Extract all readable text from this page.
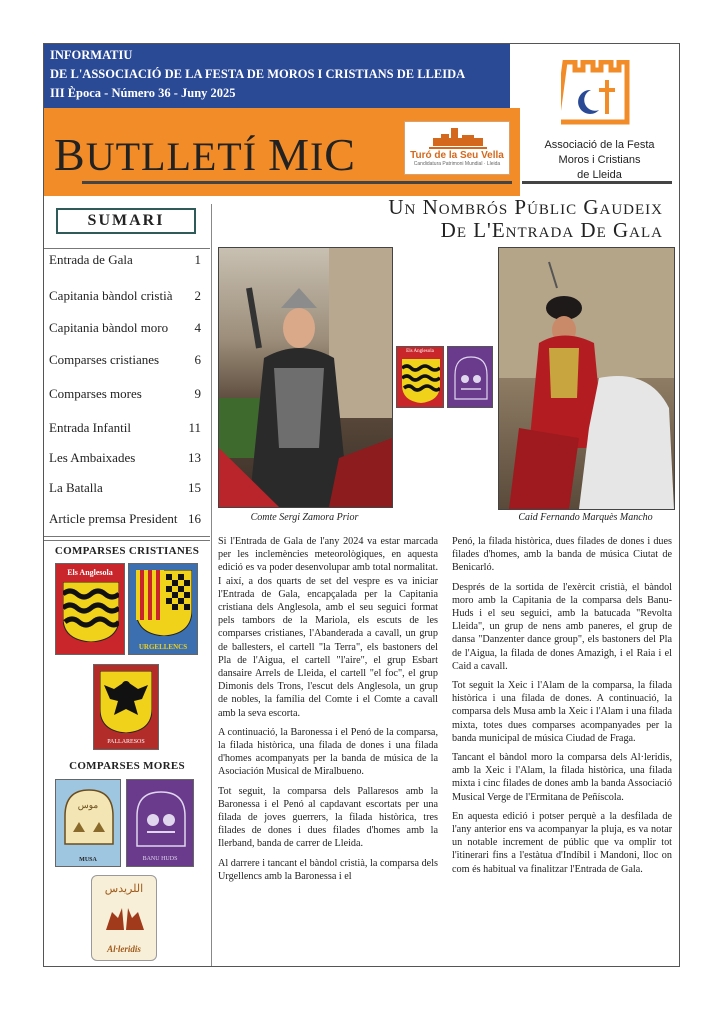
INFORMATIU
DE L'ASSOCIACIÓ DE LA FESTA DE MOROS I CRISTIANS DE LLEIDA
III Època - Número 36 - Juny 2025
BUTLLETÍ MIC	Turó de la Seu Vella
Candidatura Patrimoni Mundial · Lleida
Associació de la Festa
Moros i Cristians
de Lleida
Un Nombrós Públic Gaudeix
De L'Entrada De Gala
SUMARI
Entrada de Gala	1
Capitania bàndol cristià 2
Capitania bàndol moro 4
Comparses cristianes	6
Comparses mores	9
Entrada Infantil	11
Les Ambaixades	13
La Batalla	15
Article premsa President 16
COMPARSES CRISTIANES
Els Anglesola
URGELLENCS
PALLARESOS
COMPARSES MORES
موس
MUSA	BANU HUDS
اللريدس
Al·leridis
Comte Sergi Zamora Prior
Els Anglesola
Caid Fernando Marquès Mancho

Si l'Entrada de Gala de l'any 2024 va estar marcada per les inclemències meteorològiques, en aquesta edició es va poder desenvolupar amb total normalitat. I així, a dos quarts de set del vespre es va iniciar l'Entrada de Gala, encapçalada per la Capitania cristiana dels Anglesola, amb el seu seguici format pels tambors de la Mariola, els escuts de les comparses cristianes, l'Abanderada a cavall, un grup de ballesters, el cartell "la Terra", els bastoners del Pla de l'Aigua, el cartell "l'aire", el grup Esbart dansaire Arrels de Lleida, el cartell "el foc", el grup Dimonis dels Trons, l'escut dels Anglesola, un grup de nobles, la família del Comte i el Comte a cavall amb la seva escorta.

A continuació, la Baronessa i el Penó de la comparsa, la filada històrica, una filada de dones i una filada d'homes acompanyats per la banda de música de la Asociación Musical de Miralbueno.

Tot seguit, la comparsa dels Pallaresos amb la Baronessa i el Penó al capdavant escortats per una filada de joves guerrers, la filada històrica, tres filades de dones i dues filades d'homes amb la Ilerband, banda de carrer de Lleida.

Al darrere i tancant el bàndol cristià, la comparsa dels Urgellencs amb la Baronessa i el

Penó, la filada històrica, dues filades de dones i dues filades d'homes, amb la banda de música Ciutat de Benicarló.

Després de la sortida de l'exèrcit cristià, el bàndol moro amb la Capitania de la comparsa dels Banu-Huds i el seu seguici, amb la batucada "Revolta Lleida", un grup de nens amb paneres, el grup de dansa "Danzenter dance group", els bastoners del Pla de l'Aigua, la filada de dones Amazigh, i el Raia i el Caid a cavall.

Tot seguit la Xeic i l'Alam de la comparsa, la filada històrica i una filada de dones. A continuació, la comparsa dels Musa amb la Xeic i l'Alam i una filada mixta, totes dues comparses acompanyades per la banda municipal de música Ciudad de Fraga.

Tancant el bàndol moro la comparsa dels Al·leridis, amb la Xeic i l'Alam, la filada històrica, una filada mixta i cinc filades de dones amb la banda Associació Musical Verge de l'Ermitana de Peñíscola.

En aquesta edició i potser perquè a la desfilada de l'any anterior ens va acompanyar la pluja, es va notar un notable increment de públic que va omplir tot l'itinerari fins a l'estàtua d'Indíbil i Mandoni, lloc on com és habitual va finalitzar l'Entrada de Gala.
